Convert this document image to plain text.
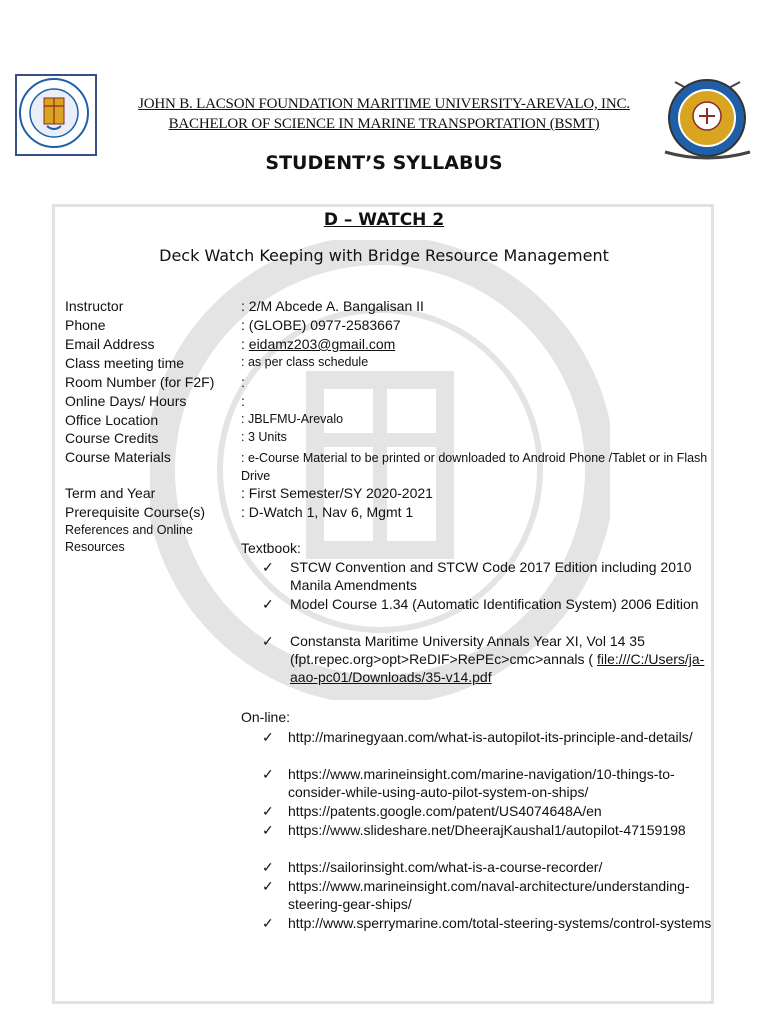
JOHN B. LACSON FOUNDATION MARITIME UNIVERSITY-AREVALO, INC.
BACHELOR OF SCIENCE IN MARINE TRANSPORTATION (BSMT)
STUDENT’S SYLLABUS
D – WATCH 2
Deck Watch Keeping with Bridge Resource Management
Instructor	: 2/M Abcede A. Bangalisan II
Phone	: (GLOBE) 0977-2583667
Email Address	: eidamz203@gmail.com
Class meeting time	: as per class schedule
Room Number (for F2F) :
Online Days/ Hours	:
Office Location	: JBLFMU-Arevalo
Course Credits	: 3 Units
Course Materials	: e-Course Material to be printed or downloaded to Android Phone /Tablet or in Flash Drive
Term and Year	: First Semester/SY 2020-2021
Prerequisite Course(s)	: D-Watch 1, Nav 6, Mgmt 1
References and Online Resources	Textbook:
✓	STCW Convention and STCW Code 2017 Edition including 2010 Manila Amendments
✓	Model Course 1.34 (Automatic Identification System) 2006 Edition
✓	Constansta Maritime University Annals Year XI, Vol 14 35 (fpt.repec.org>opt>ReDIF>RePEc>cmc>annals ( file:///C:/Users/ja-aao-pc01/Downloads/35-v14.pdf
On-line:
✓	http://marinegyaan.com/what-is-autopilot-its-principle-and-details/
✓	https://www.marineinsight.com/marine-navigation/10-things-to-consider-while-using-auto-pilot-system-on-ships/
✓	https://patents.google.com/patent/US4074648A/en
✓	https://www.slideshare.net/DheerajKaushal1/autopilot-47159198
✓	https://sailorinsight.com/what-is-a-course-recorder/
✓	https://www.marineinsight.com/naval-architecture/understanding-steering-gear-ships/
✓	http://www.sperrymarine.com/total-steering-systems/control-systems
